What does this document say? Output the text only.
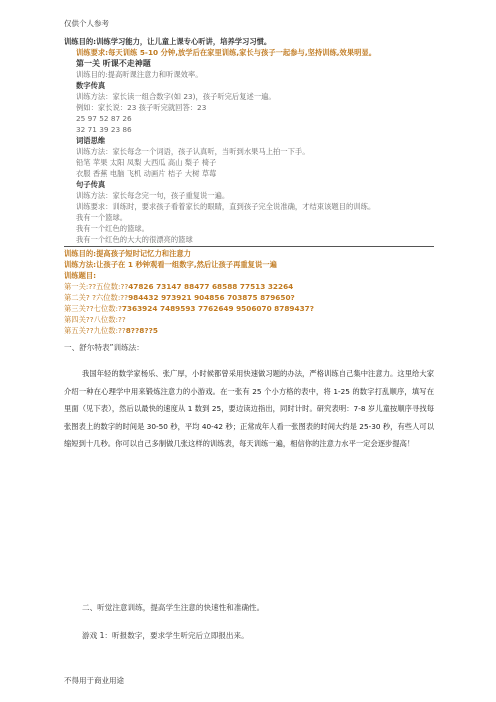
仅供个人参考
训练目的:训练学习能力，让儿童上课专心听讲，培养学习习惯。
训练要求:每天训练 5-10 分钟,放学后在家里训练,家长与孩子一起参与,坚持训练,效果明显。
第一关 听课不走神题
训练目的:提高听课注意力和听课效率。
数字传真
训练方法：家长读一组合数字(如 23)，孩子听完后复述一遍。
例如：家长说：23 孩子听完就回答：23
25 97 52 87 26
32 71 39 23 86
词语思维
训练方法：家长每念一个词语，孩子认真听，当听到水果马上拍一下手。
铅笔 苹果 太阳 凤梨 大西瓜 高山 梨子 椅子
衣服 香蕉 电脑 飞机 动画片 桔子 大树 草莓
句子传真
训练方法：家长每念完一句，孩子重复说一遍。
训练要求：训练时，要求孩子看着家长的眼睛，直到孩子完全说准确，才结束该题目的训练。
我有一个篮球。
我有一个红色的篮球。
我有一个红色的大大的很漂亮的篮球
训练目的:提高孩子短时记忆力和注意力
训练方法:让孩子在 1 秒钟观看一组数字,然后让孩子再重复说一遍
训练题目:
第一关:??五位数:??47826 73147 88477 68588 77513 32264
第二关? ?六位数:??984432 973921 904856 703875 879650?
第三关??七位数:?7363924 7489593 7762649 9506070 8789437?
第四关??八位数:??
第五关??九位数:??8??8??5
一、舒尔特表”训练法：
我国年轻的数学家杨乐、张广厚，小时候都曾采用快速做习题的办法，严格训练自己集中注意力。这里给大家介绍一种在心理学中用来锻炼注意力的小游戏。在一张有 25 个小方格的表中，将 1-25 的数字打乱顺序，填写在里面（见下表），然后以最快的速度从 1 数到 25，要边读边指出，同时计时。研究表明：7-8 岁儿童按顺序寻找每张图表上的数字的时间是 30-50 秒，平均 40-42 秒；正常成年人看一张图表的时间大约是 25-30 秒，有些人可以缩短到十几秒。你可以自己多制做几张这样的训练表，每天训练一遍，相信你的注意力水平一定会逐步提高！
二、听觉注意训练，提高学生注意的快速性和准确性。
游戏 1：听报数字，要求学生听完后立即报出来。
不得用于商业用途
